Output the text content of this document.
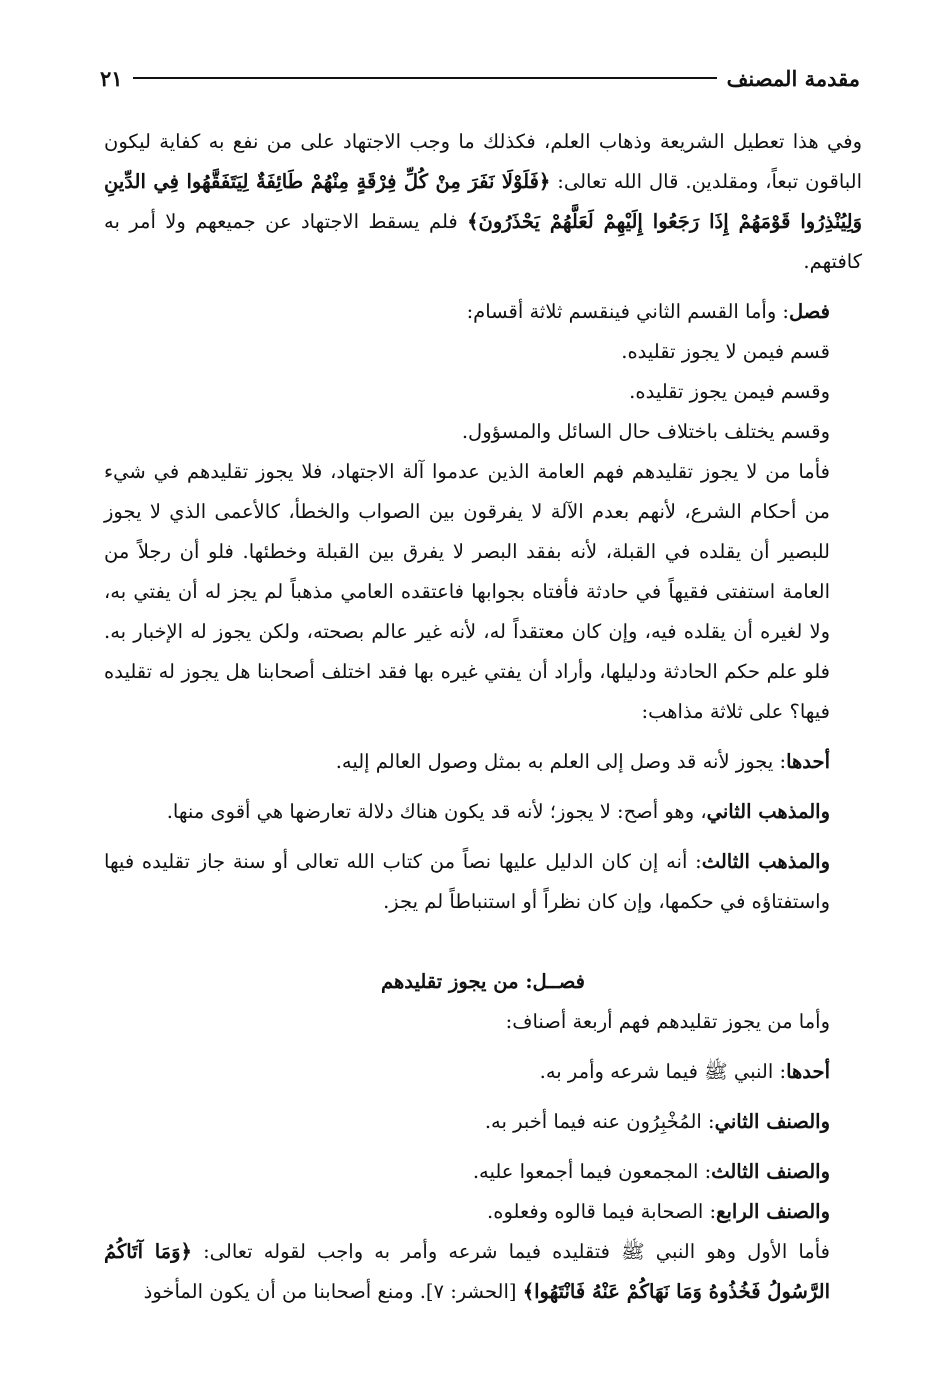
مقدمة المصنف
٢١

وفي هذا تعطيل الشريعة وذهاب العلم، فكذلك ما وجب الاجتهاد على من نفع به كفاية ليكون الباقون تبعاً، ومقلدين. قال الله تعالى: ﴿فَلَوْلَا نَفَرَ مِنْ كُلِّ فِرْقَةٍ مِنْهُمْ طَائِفَةٌ لِيَتَفَقَّهُوا فِي الدِّينِ وَلِيُنْذِرُوا قَوْمَهُمْ إِذَا رَجَعُوا إِلَيْهِمْ لَعَلَّهُمْ يَحْذَرُونَ﴾ فلم يسقط الاجتهاد عن جميعهم ولا أمر به كافتهم.

فصل: وأما القسم الثاني فينقسم ثلاثة أقسام:

قسم فيمن لا يجوز تقليده.

وقسم فيمن يجوز تقليده.

وقسم يختلف باختلاف حال السائل والمسؤول.

فأما من لا يجوز تقليدهم فهم العامة الذين عدموا آلة الاجتهاد، فلا يجوز تقليدهم في شيء من أحكام الشرع، لأنهم بعدم الآلة لا يفرقون بين الصواب والخطأ، كالأعمى الذي لا يجوز للبصير أن يقلده في القبلة، لأنه بفقد البصر لا يفرق بين القبلة وخطئها. فلو أن رجلاً من العامة استفتى فقيهاً في حادثة فأفتاه بجوابها فاعتقده العامي مذهباً لم يجز له أن يفتي به، ولا لغيره أن يقلده فيه، وإن كان معتقداً له، لأنه غير عالم بصحته، ولكن يجوز له الإخبار به. فلو علم حكم الحادثة ودليلها، وأراد أن يفتي غيره بها فقد اختلف أصحابنا هل يجوز له تقليده فيها؟ على ثلاثة مذاهب:

أحدها: يجوز لأنه قد وصل إلى العلم به بمثل وصول العالم إليه.

والمذهب الثاني، وهو أصح: لا يجوز؛ لأنه قد يكون هناك دلالة تعارضها هي أقوى منها.

والمذهب الثالث: أنه إن كان الدليل عليها نصاً من كتاب الله تعالى أو سنة جاز تقليده فيها واستفتاؤه في حكمها، وإن كان نظراً أو استنباطاً لم يجز.

فصــل: من يجوز تقليدهم

وأما من يجوز تقليدهم فهم أربعة أصناف:

أحدها: النبي ﷺ فيما شرعه وأمر به.

والصنف الثاني: المُخْبِرُون عنه فيما أخبر به.

والصنف الثالث: المجمعون فيما أجمعوا عليه.

والصنف الرابع: الصحابة فيما قالوه وفعلوه.

فأما الأول وهو النبي ﷺ فتقليده فيما شرعه وأمر به واجب لقوله تعالى: ﴿وَمَا آتَاكُمُ الرَّسُولُ فَخُذُوهُ وَمَا نَهَاكُمْ عَنْهُ فَانْتَهُوا﴾ [الحشر: ٧]. ومنع أصحابنا من أن يكون المأخوذ
